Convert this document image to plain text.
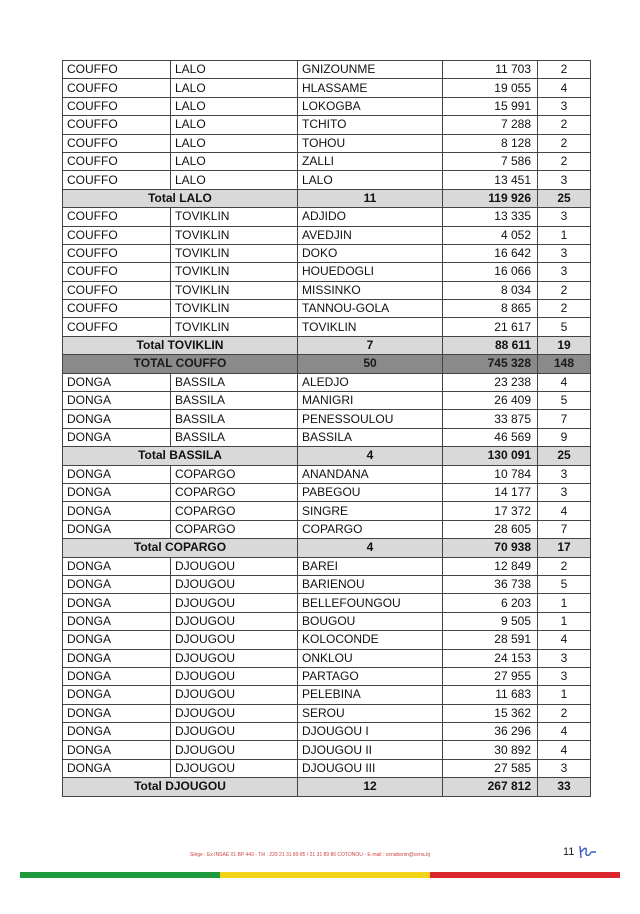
COUFFO	LALO	GNIZOUNME	11 703	2
COUFFO	LALO	HLASSAME	19 055	4
COUFFO	LALO	LOKOGBA	15 991	3
COUFFO	LALO	TCHITO	7 288	2
COUFFO	LALO	TOHOU	8 128	2
COUFFO	LALO	ZALLI	7 586	2
COUFFO	LALO	LALO	13 451	3
Total LALO		11	119 926	25
COUFFO	TOVIKLIN	ADJIDO	13 335	3
COUFFO	TOVIKLIN	AVEDJIN	4 052	1
COUFFO	TOVIKLIN	DOKO	16 642	3
COUFFO	TOVIKLIN	HOUEDOGLI	16 066	3
COUFFO	TOVIKLIN	MISSINKO	8 034	2
COUFFO	TOVIKLIN	TANNOU-GOLA	8 865	2
COUFFO	TOVIKLIN	TOVIKLIN	21 617	5
Total TOVIKLIN		7	88 611	19
TOTAL COUFFO		50	745 328	148
DONGA	BASSILA	ALEDJO	23 238	4
DONGA	BASSILA	MANIGRI	26 409	5
DONGA	BASSILA	PENESSOULOU	33 875	7
DONGA	BASSILA	BASSILA	46 569	9
Total BASSILA		4	130 091	25
DONGA	COPARGO	ANANDANA	10 784	3
DONGA	COPARGO	PABEGOU	14 177	3
DONGA	COPARGO	SINGRE	17 372	4
DONGA	COPARGO	COPARGO	28 605	7
Total COPARGO		4	70 938	17
DONGA	DJOUGOU	BAREI	12 849	2
DONGA	DJOUGOU	BARIENOU	36 738	5
DONGA	DJOUGOU	BELLEFOUNGOU	6 203	1
DONGA	DJOUGOU	BOUGOU	9 505	1
DONGA	DJOUGOU	KOLOCONDE	28 591	4
DONGA	DJOUGOU	ONKLOU	24 153	3
DONGA	DJOUGOU	PARTAGO	27 955	3
DONGA	DJOUGOU	PELEBINA	11 683	1
DONGA	DJOUGOU	SEROU	15 362	2
DONGA	DJOUGOU	DJOUGOU I	36 296	4
DONGA	DJOUGOU	DJOUGOU II	30 892	4
DONGA	DJOUGOU	DJOUGOU III	27 585	3
Total DJOUGOU		12	267 812	33
Siège : Ex INSAE 01 BP 443 - Tél : 229 21 31 89 85 / 21 31 89 86 COTONOU - E-mail : cenabenin@cena.bj	11
